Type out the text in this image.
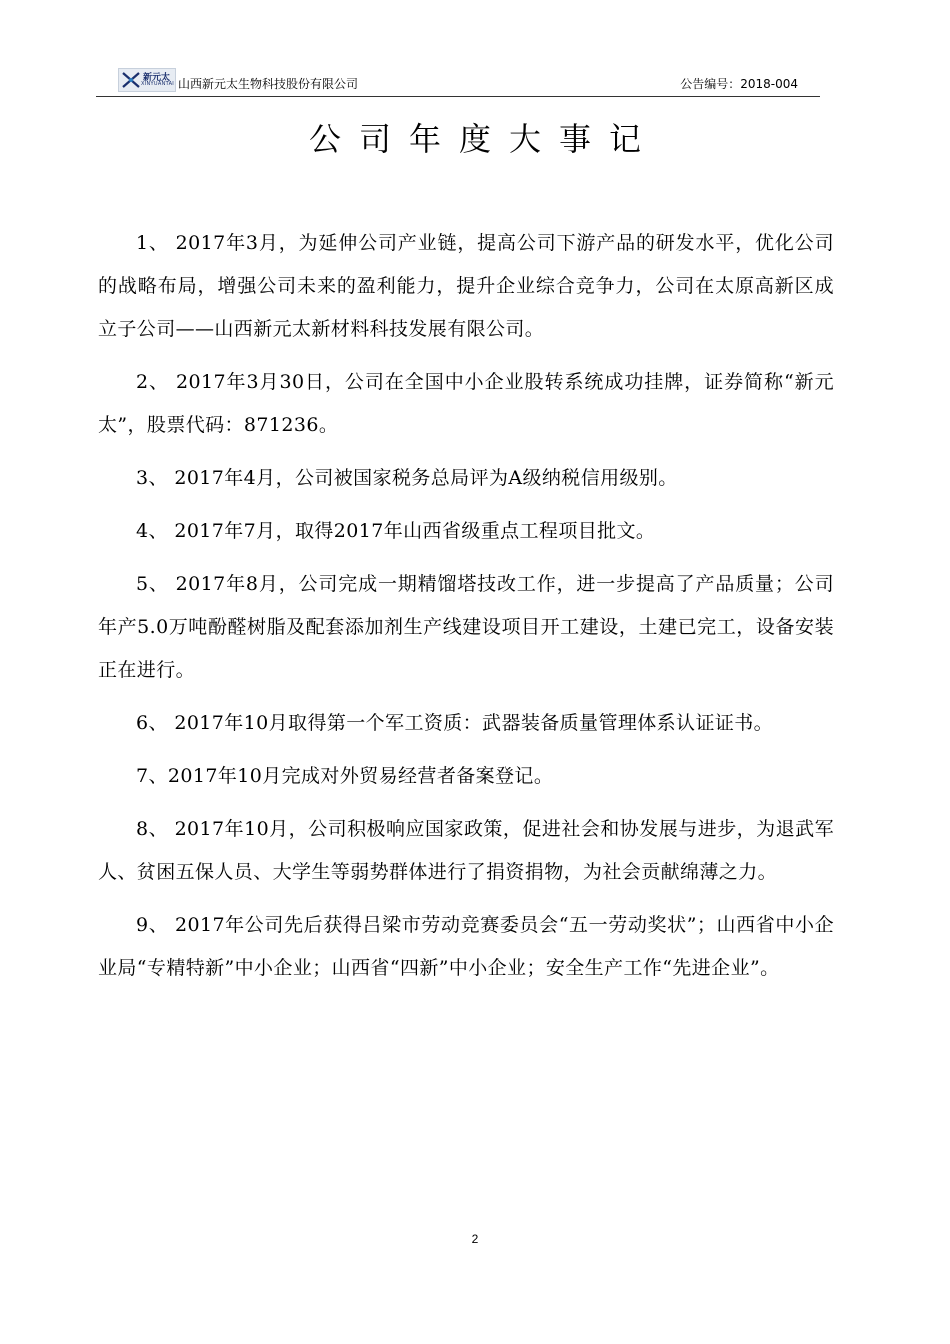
新元太
XINYUANTAI 山西新元太生物科技股份有限公司	公告编号：2018-004
公司年度大事记

1、 2017年3月，为延伸公司产业链，提高公司下游产品的研发水平，优化公司的战略布局，增强公司未来的盈利能力，提升企业综合竞争力，公司在太原高新区成立子公司——山西新元太新材料科技发展有限公司。

2、 2017年3月30日，公司在全国中小企业股转系统成功挂牌，证券简称“新元太”，股票代码：871236。

3、 2017年4月，公司被国家税务总局评为A级纳税信用级别。

4、 2017年7月，取得2017年山西省级重点工程项目批文。

5、 2017年8月，公司完成一期精馏塔技改工作，进一步提高了产品质量；公司年产5.0万吨酚醛树脂及配套添加剂生产线建设项目开工建设，土建已完工，设备安装正在进行。

6、 2017年10月取得第一个军工资质：武器装备质量管理体系认证证书。

7、2017年10月完成对外贸易经营者备案登记。

8、 2017年10月，公司积极响应国家政策，促进社会和协发展与进步，为退武军人、贫困五保人员、大学生等弱势群体进行了捐资捐物，为社会贡献绵薄之力。

9、 2017年公司先后获得吕梁市劳动竞赛委员会“五一劳动奖状”；山西省中小企业局“专精特新”中小企业；山西省“四新”中小企业；安全生产工作“先进企业”。

2
